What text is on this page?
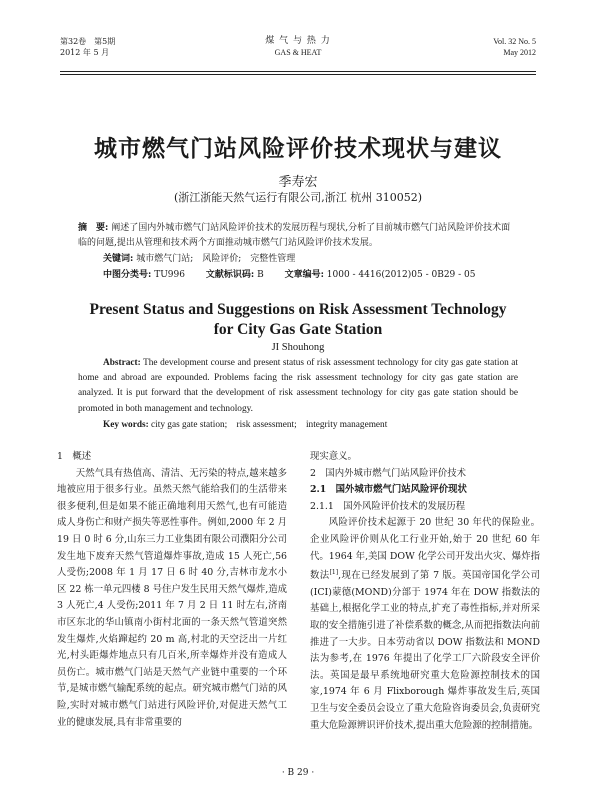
第32卷　第5期
2012 年 5 月
煤 气 与 热 力
GAS & HEAT
Vol. 32 No. 5
May 2012
城市燃气门站风险评价技术现状与建议
季寿宏
(浙江浙能天然气运行有限公司,浙江 杭州 310052)
摘　要: 阐述了国内外城市燃气门站风险评价技术的发展历程与现状,分析了目前城市燃气门站风险评价技术面临的问题,提出从管理和技术两个方面推动城市燃气门站风险评价技术发展。
关键词: 城市燃气门站;　风险评价;　完整性管理
中图分类号: TU996 文献标识码: B 文章编号: 1000 - 4416(2012)05 - 0B29 - 05
Present Status and Suggestions on Risk Assessment Technology
for City Gas Gate Station
JI Shouhong
Abstract: The development course and present status of risk assessment technology for city gas gate station at home and abroad are expounded. Problems facing the risk assessment technology for city gas gate station are analyzed. It is put forward that the development of risk assessment technology for city gas gate station should be promoted in both management and technology.
Key words: city gas gate station;　risk assessment;　integrity management

1　概述

天然气具有热值高、清洁、无污染的特点,越来越多地被应用于很多行业。虽然天然气能给我们的生活带来很多便利,但是如果不能正确地利用天然气,也有可能造成人身伤亡和财产损失等恶性事件。例如,2000 年 2 月 19 日 0 时 6 分,山东三力工业集团有限公司濮阳分公司发生地下废弃天然气管道爆炸事故,造成 15 人死亡,56 人受伤;2008 年 1 月 17 日 6 时 40 分,吉林市龙水小区 22 栋一单元四楼 8 号住户发生民用天然气爆炸,造成 3 人死亡,4 人受伤;2011 年 7 月 2 日 11 时左右,济南市区东北的华山镇南小街村北面的一条天然气管道突然发生爆炸,火焰蹿起约 20 m 高,村北的天空泛出一片红光,村头距爆炸地点只有几百米,所幸爆炸并没有造成人员伤亡。城市燃气门站是天然气产业链中重要的一个环节,是城市燃气输配系统的起点。研究城市燃气门站的风险,实时对城市燃气门站进行风险评价,对促进天然气工业的健康发展,具有非常重要的

现实意义。

2　国内外城市燃气门站风险评价技术

2.1　国外城市燃气门站风险评价现状

2.1.1　国外风险评价技术的发展历程

风险评价技术起源于 20 世纪 30 年代的保险业。企业风险评价则从化工行业开始,始于 20 世纪 60 年代。1964 年,美国 DOW 化学公司开发出火灾、爆炸指数法[1],现在已经发展到了第 7 版。英国帝国化学公司(ICI)蒙德(MOND)分部于 1974 年在 DOW 指数法的基础上,根据化学工业的特点,扩充了毒性指标,并对所采取的安全措施引进了补偿系数的概念,从而把指数法向前推进了一大步。日本劳动省以 DOW 指数法和 MOND 法为参考,在 1976 年提出了化学工厂六阶段安全评价法。英国是最早系统地研究重大危险源控制技术的国家,1974 年 6 月 Flixborough 爆炸事故发生后,英国卫生与安全委员会设立了重大危险咨询委员会,负责研究重大危险源辨识评价技术,提出重大危险源的控制措施。

· B 29 ·
